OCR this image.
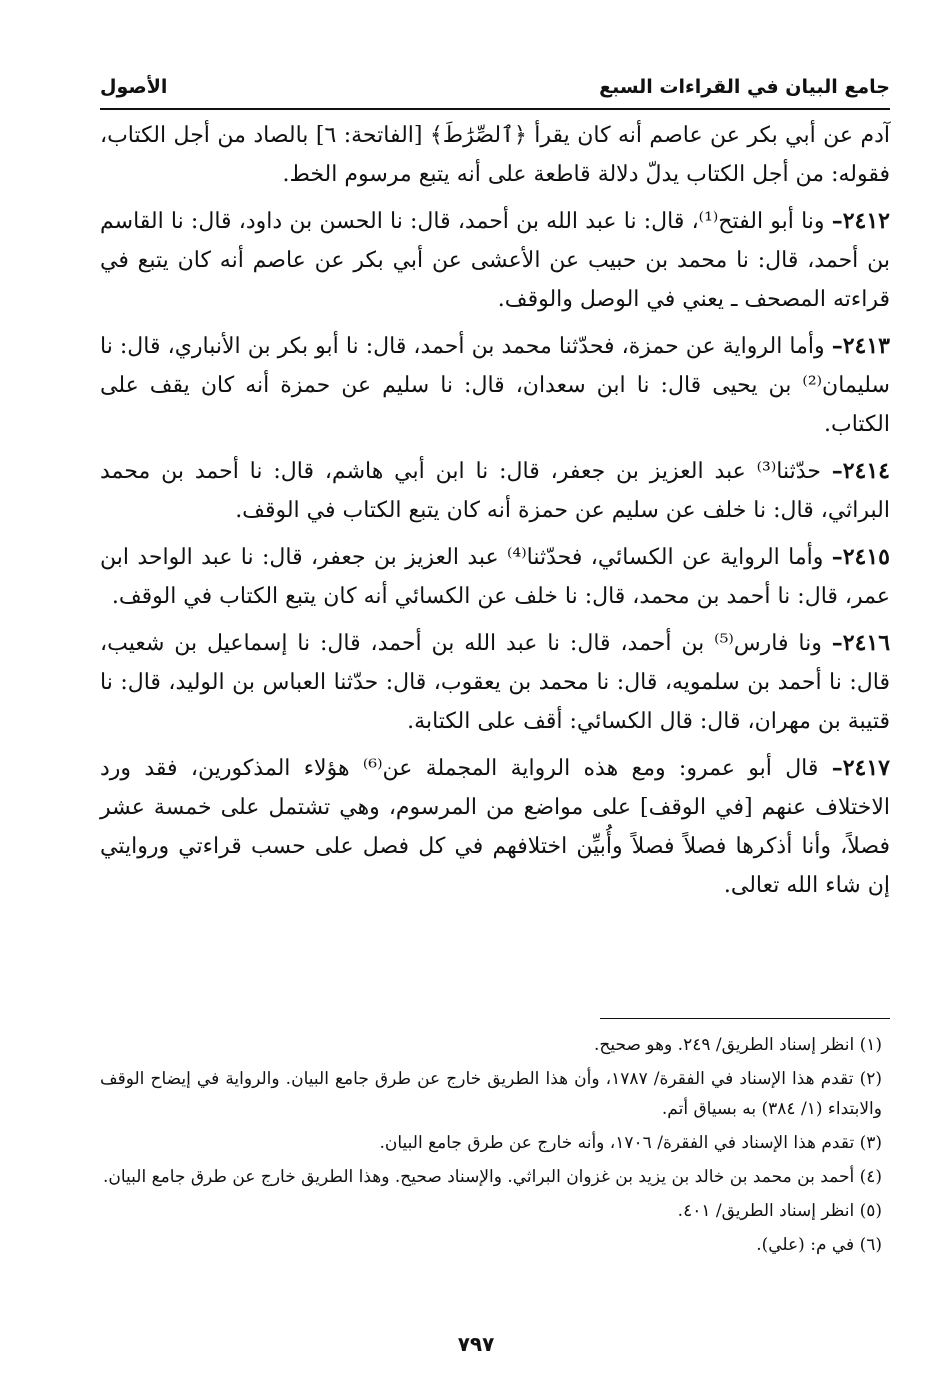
جامع البيان في القراءات السبع
الأصول

آدم عن أبي بكر عن عاصم أنه كان يقرأ ﴿ٱلصِّرَٰطَ﴾ [الفاتحة: ٦] بالصاد من أجل الكتاب، فقوله: من أجل الكتاب يدلّ دلالة قاطعة على أنه يتبع مرسوم الخط.

٢٤١٢– ونا أبو الفتح⁽¹⁾، قال: نا عبد الله بن أحمد، قال: نا الحسن بن داود، قال: نا القاسم بن أحمد، قال: نا محمد بن حبيب عن الأعشى عن أبي بكر عن عاصم أنه كان يتبع في قراءته المصحف ـ يعني في الوصل والوقف.

٢٤١٣– وأما الرواية عن حمزة، فحدّثنا محمد بن أحمد، قال: نا أبو بكر بن الأنباري، قال: نا سليمان⁽²⁾ بن يحيى قال: نا ابن سعدان، قال: نا سليم عن حمزة أنه كان يقف على الكتاب.

٢٤١٤– حدّثنا⁽³⁾ عبد العزيز بن جعفر، قال: نا ابن أبي هاشم، قال: نا أحمد بن محمد البراثي، قال: نا خلف عن سليم عن حمزة أنه كان يتبع الكتاب في الوقف.

٢٤١٥– وأما الرواية عن الكسائي، فحدّثنا⁽⁴⁾ عبد العزيز بن جعفر، قال: نا عبد الواحد ابن عمر، قال: نا أحمد بن محمد، قال: نا خلف عن الكسائي أنه كان يتبع الكتاب في الوقف.

٢٤١٦– ونا فارس⁽⁵⁾ بن أحمد، قال: نا عبد الله بن أحمد، قال: نا إسماعيل بن شعيب، قال: نا أحمد بن سلمويه، قال: نا محمد بن يعقوب، قال: حدّثنا العباس بن الوليد، قال: نا قتيبة بن مهران، قال: قال الكسائي: أقف على الكتابة.

٢٤١٧– قال أبو عمرو: ومع هذه الرواية المجملة عن⁽⁶⁾ هؤلاء المذكورين، فقد ورد الاختلاف عنهم [في الوقف] على مواضع من المرسوم، وهي تشتمل على خمسة عشر فصلاً، وأنا أذكرها فصلاً فصلاً وأُبيِّن اختلافهم في كل فصل على حسب قراءتي وروايتي إن شاء الله تعالى.

(١) انظر إسناد الطريق/ ٢٤٩. وهو صحيح.

(٢) تقدم هذا الإسناد في الفقرة/ ١٧٨٧، وأن هذا الطريق خارج عن طرق جامع البيان. والرواية في إيضاح الوقف والابتداء (١/ ٣٨٤) به بسياق أتم.

(٣) تقدم هذا الإسناد في الفقرة/ ١٧٠٦، وأنه خارج عن طرق جامع البيان.

(٤) أحمد بن محمد بن خالد بن يزيد بن غزوان البراثي. والإسناد صحيح. وهذا الطريق خارج عن طرق جامع البيان.

(٥) انظر إسناد الطريق/ ٤٠١.

(٦) في م: (علي).

٧٩٧
